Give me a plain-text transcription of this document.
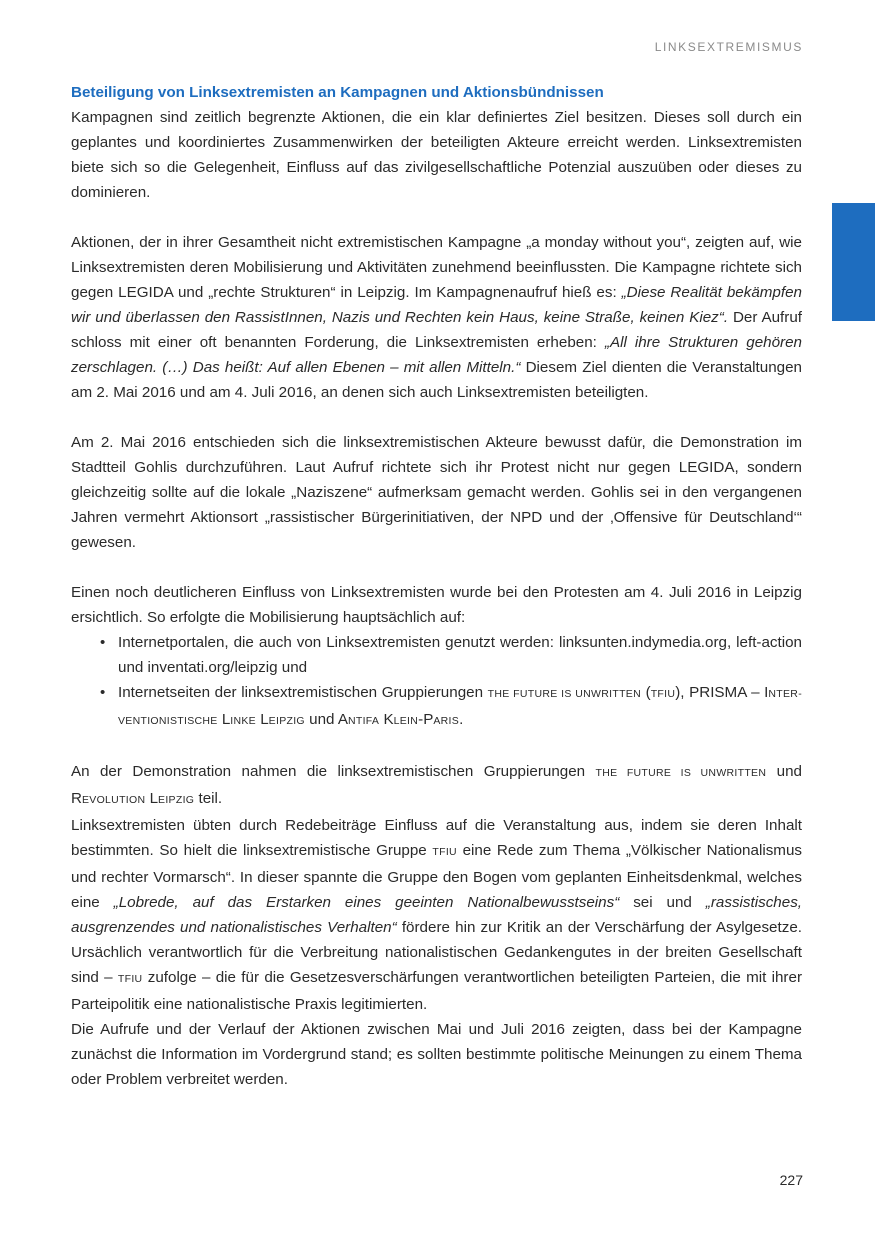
LINKSEXTREMISMUS
Beteiligung von Linksextremisten an Kampagnen und Aktionsbündnissen

Kampagnen sind zeitlich begrenzte Aktionen, die ein klar definiertes Ziel besitzen. Dieses soll durch ein geplantes und koordiniertes Zusammenwirken der beteiligten Akteure erreicht werden. Linksextremisten biete sich so die Gelegenheit, Einfluss auf das zivilgesellschaftliche Potenzial auszuüben oder dieses zu dominieren.

Aktionen, der in ihrer Gesamtheit nicht extremistischen Kampagne „a monday without you“, zeigten auf, wie Linksextremisten deren Mobilisierung und Aktivitäten zunehmend beeinflussten. Die Kampagne richtete sich gegen LEGIDA und „rechte Strukturen“ in Leipzig. Im Kampagnenaufruf hieß es: „Diese Realität bekämpfen wir und überlassen den RassistInnen, Nazis und Rechten kein Haus, keine Straße, keinen Kiez“. Der Aufruf schloss mit einer oft benannten Forderung, die Linksextremisten erheben: „All ihre Strukturen gehören zerschlagen. (…) Das heißt: Auf allen Ebenen – mit allen Mitteln.“ Diesem Ziel dienten die Veranstaltungen am 2. Mai 2016 und am 4. Juli 2016, an denen sich auch Linksextremisten beteiligten.

Am 2. Mai 2016 entschieden sich die linksextremistischen Akteure bewusst dafür, die Demonstration im Stadtteil Gohlis durchzuführen. Laut Aufruf richtete sich ihr Protest nicht nur gegen LEGIDA, sondern gleichzeitig sollte auf die lokale „Naziszene“ aufmerksam gemacht werden. Gohlis sei in den vergangenen Jahren vermehrt Aktionsort „rassistischer Bürgerinitiativen, der NPD und der ‚Offensive für Deutschland‘“ gewesen.

Einen noch deutlicheren Einfluss von Linksextremisten wurde bei den Protesten am 4. Juli 2016 in Leipzig ersichtlich. So erfolgte die Mobilisierung hauptsächlich auf:

• Internetportalen, die auch von Linksextremisten genutzt werden: linksunten.indymedia.org, left-action und inventati.org/leipzig und
• Internetseiten der linksextremistischen Gruppierungen THE FUTURE IS UNWRITTEN (TFIU), PRISMA – INTER-VENTIONISTISCHE LINKE LEIPZIG und ANTIFA KLEIN-PARIS.

An der Demonstration nahmen die linksextremistischen Gruppierungen THE FUTURE IS UNWRITTEN und REVOLUTION LEIPZIG teil.

Linksextremisten übten durch Redebeiträge Einfluss auf die Veranstaltung aus, indem sie deren Inhalt bestimmten. So hielt die linksextremistische Gruppe TFIU eine Rede zum Thema „Völkischer Nationalismus und rechter Vormarsch“. In dieser spannte die Gruppe den Bogen vom geplanten Einheitsdenkmal, welches eine „Lobrede, auf das Erstarken eines geeinten Nationalbewusstseins“ sei und „rassistisches, ausgrenzendes und nationalistisches Verhalten“ fördere hin zur Kritik an der Verschärfung der Asylgesetze. Ursächlich verantwortlich für die Verbreitung nationalistischen Gedankengutes in der breiten Gesellschaft sind – TFIU zufolge – die für die Gesetzesverschärfungen verantwortlichen beteiligten Parteien, die mit ihrer Parteipolitik eine nationalistische Praxis legitimierten.

Die Aufrufe und der Verlauf der Aktionen zwischen Mai und Juli 2016 zeigten, dass bei der Kampagne zunächst die Information im Vordergrund stand; es sollten bestimmte politische Meinungen zu einem Thema oder Problem verbreitet werden.

227
